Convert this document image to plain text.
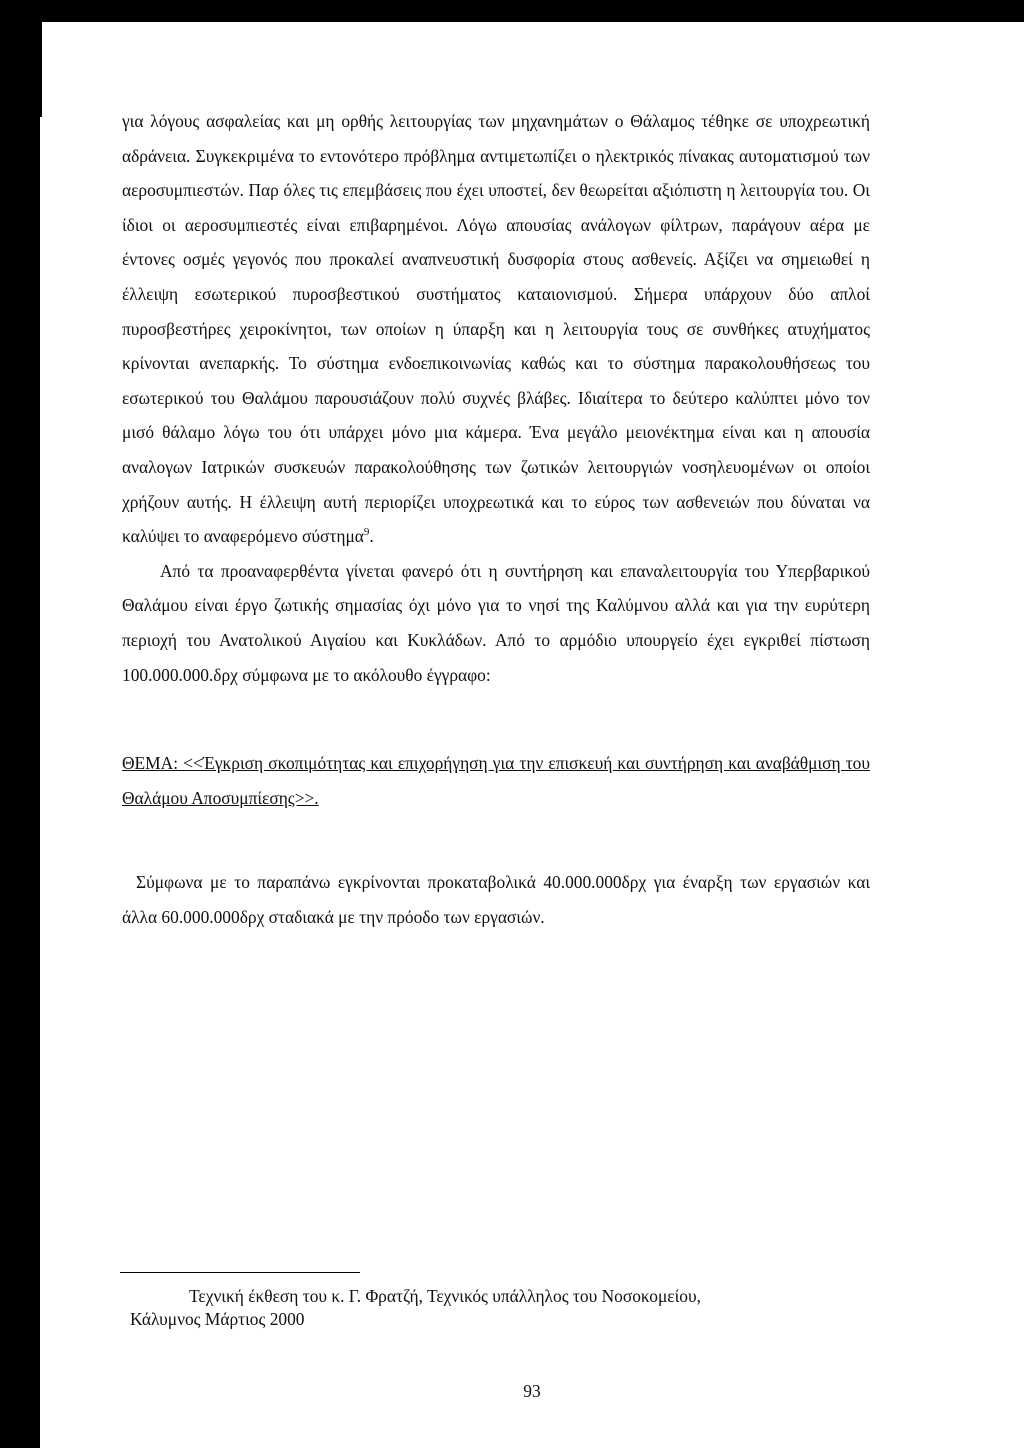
για λόγους ασφαλείας και μη ορθής λειτουργίας των μηχανημάτων ο Θάλαμος τέθηκε σε υποχρεωτική αδράνεια. Συγκεκριμένα το εντονότερο πρόβλημα αντιμετωπίζει ο ηλεκτρικός πίνακας αυτοματισμού των αεροσυμπιεστών. Παρ όλες τις επεμβάσεις που έχει υποστεί, δεν θεωρείται αξιόπιστη η λειτουργία του. Οι ίδιοι οι αεροσυμπιεστές είναι επιβαρημένοι. Λόγω απουσίας ανάλογων φίλτρων, παράγουν αέρα με έντονες οσμές γεγονός που προκαλεί αναπνευστική δυσφορία στους ασθενείς. Αξίζει να σημειωθεί η έλλειψη εσωτερικού πυροσβεστικού συστήματος καταιονισμού. Σήμερα υπάρχουν δύο απλοί πυροσβεστήρες χειροκίνητοι, των οποίων η ύπαρξη και η λειτουργία τους σε συνθήκες ατυχήματος κρίνονται ανεπαρκής. Το σύστημα ενδοεπικοινωνίας καθώς και το σύστημα παρακολουθήσεως του εσωτερικού του Θαλάμου παρουσιάζουν πολύ συχνές βλάβες. Ιδιαίτερα το δεύτερο καλύπτει μόνο τον μισό θάλαμο λόγω του ότι υπάρχει μόνο μια κάμερα. Ένα μεγάλο μειονέκτημα είναι και η απουσία αναλογων Ιατρικών συσκευών παρακολούθησης των ζωτικών λειτουργιών νοσηλευομένων οι οποίοι χρήζουν αυτής. Η έλλειψη αυτή περιορίζει υποχρεωτικά και το εύρος των ασθενειών που δύναται να καλύψει το αναφερόμενο σύστημα$^9$.

Από τα προαναφερθέντα γίνεται φανερό ότι η συντήρηση και επαναλειτουργία του Υπερβαρικού Θαλάμου είναι έργο ζωτικής σημασίας όχι μόνο για το νησί της Καλύμνου αλλά και για την ευρύτερη περιοχή του Ανατολικού Αιγαίου και Κυκλάδων. Από το αρμόδιο υπουργείο έχει εγκριθεί πίστωση 100.000.000.δρχ σύμφωνα με το ακόλουθο έγγραφο:

ΘΕΜΑ: <<Έγκριση σκοπιμότητας και επιχορήγηση για την επισκευή και συντήρηση και αναβάθμιση του Θαλάμου Αποσυμπίεσης>>.

Σύμφωνα με το παραπάνω εγκρίνονται προκαταβολικά 40.000.000δρχ για έναρξη των εργασιών και άλλα 60.000.000δρχ σταδιακά με την πρόοδο των εργασιών.

Τεχνική έκθεση του κ. Γ. Φρατζή, Τεχνικός υπάλληλος του Νοσοκομείου,

Κάλυμνος Μάρτιος 2000

93
